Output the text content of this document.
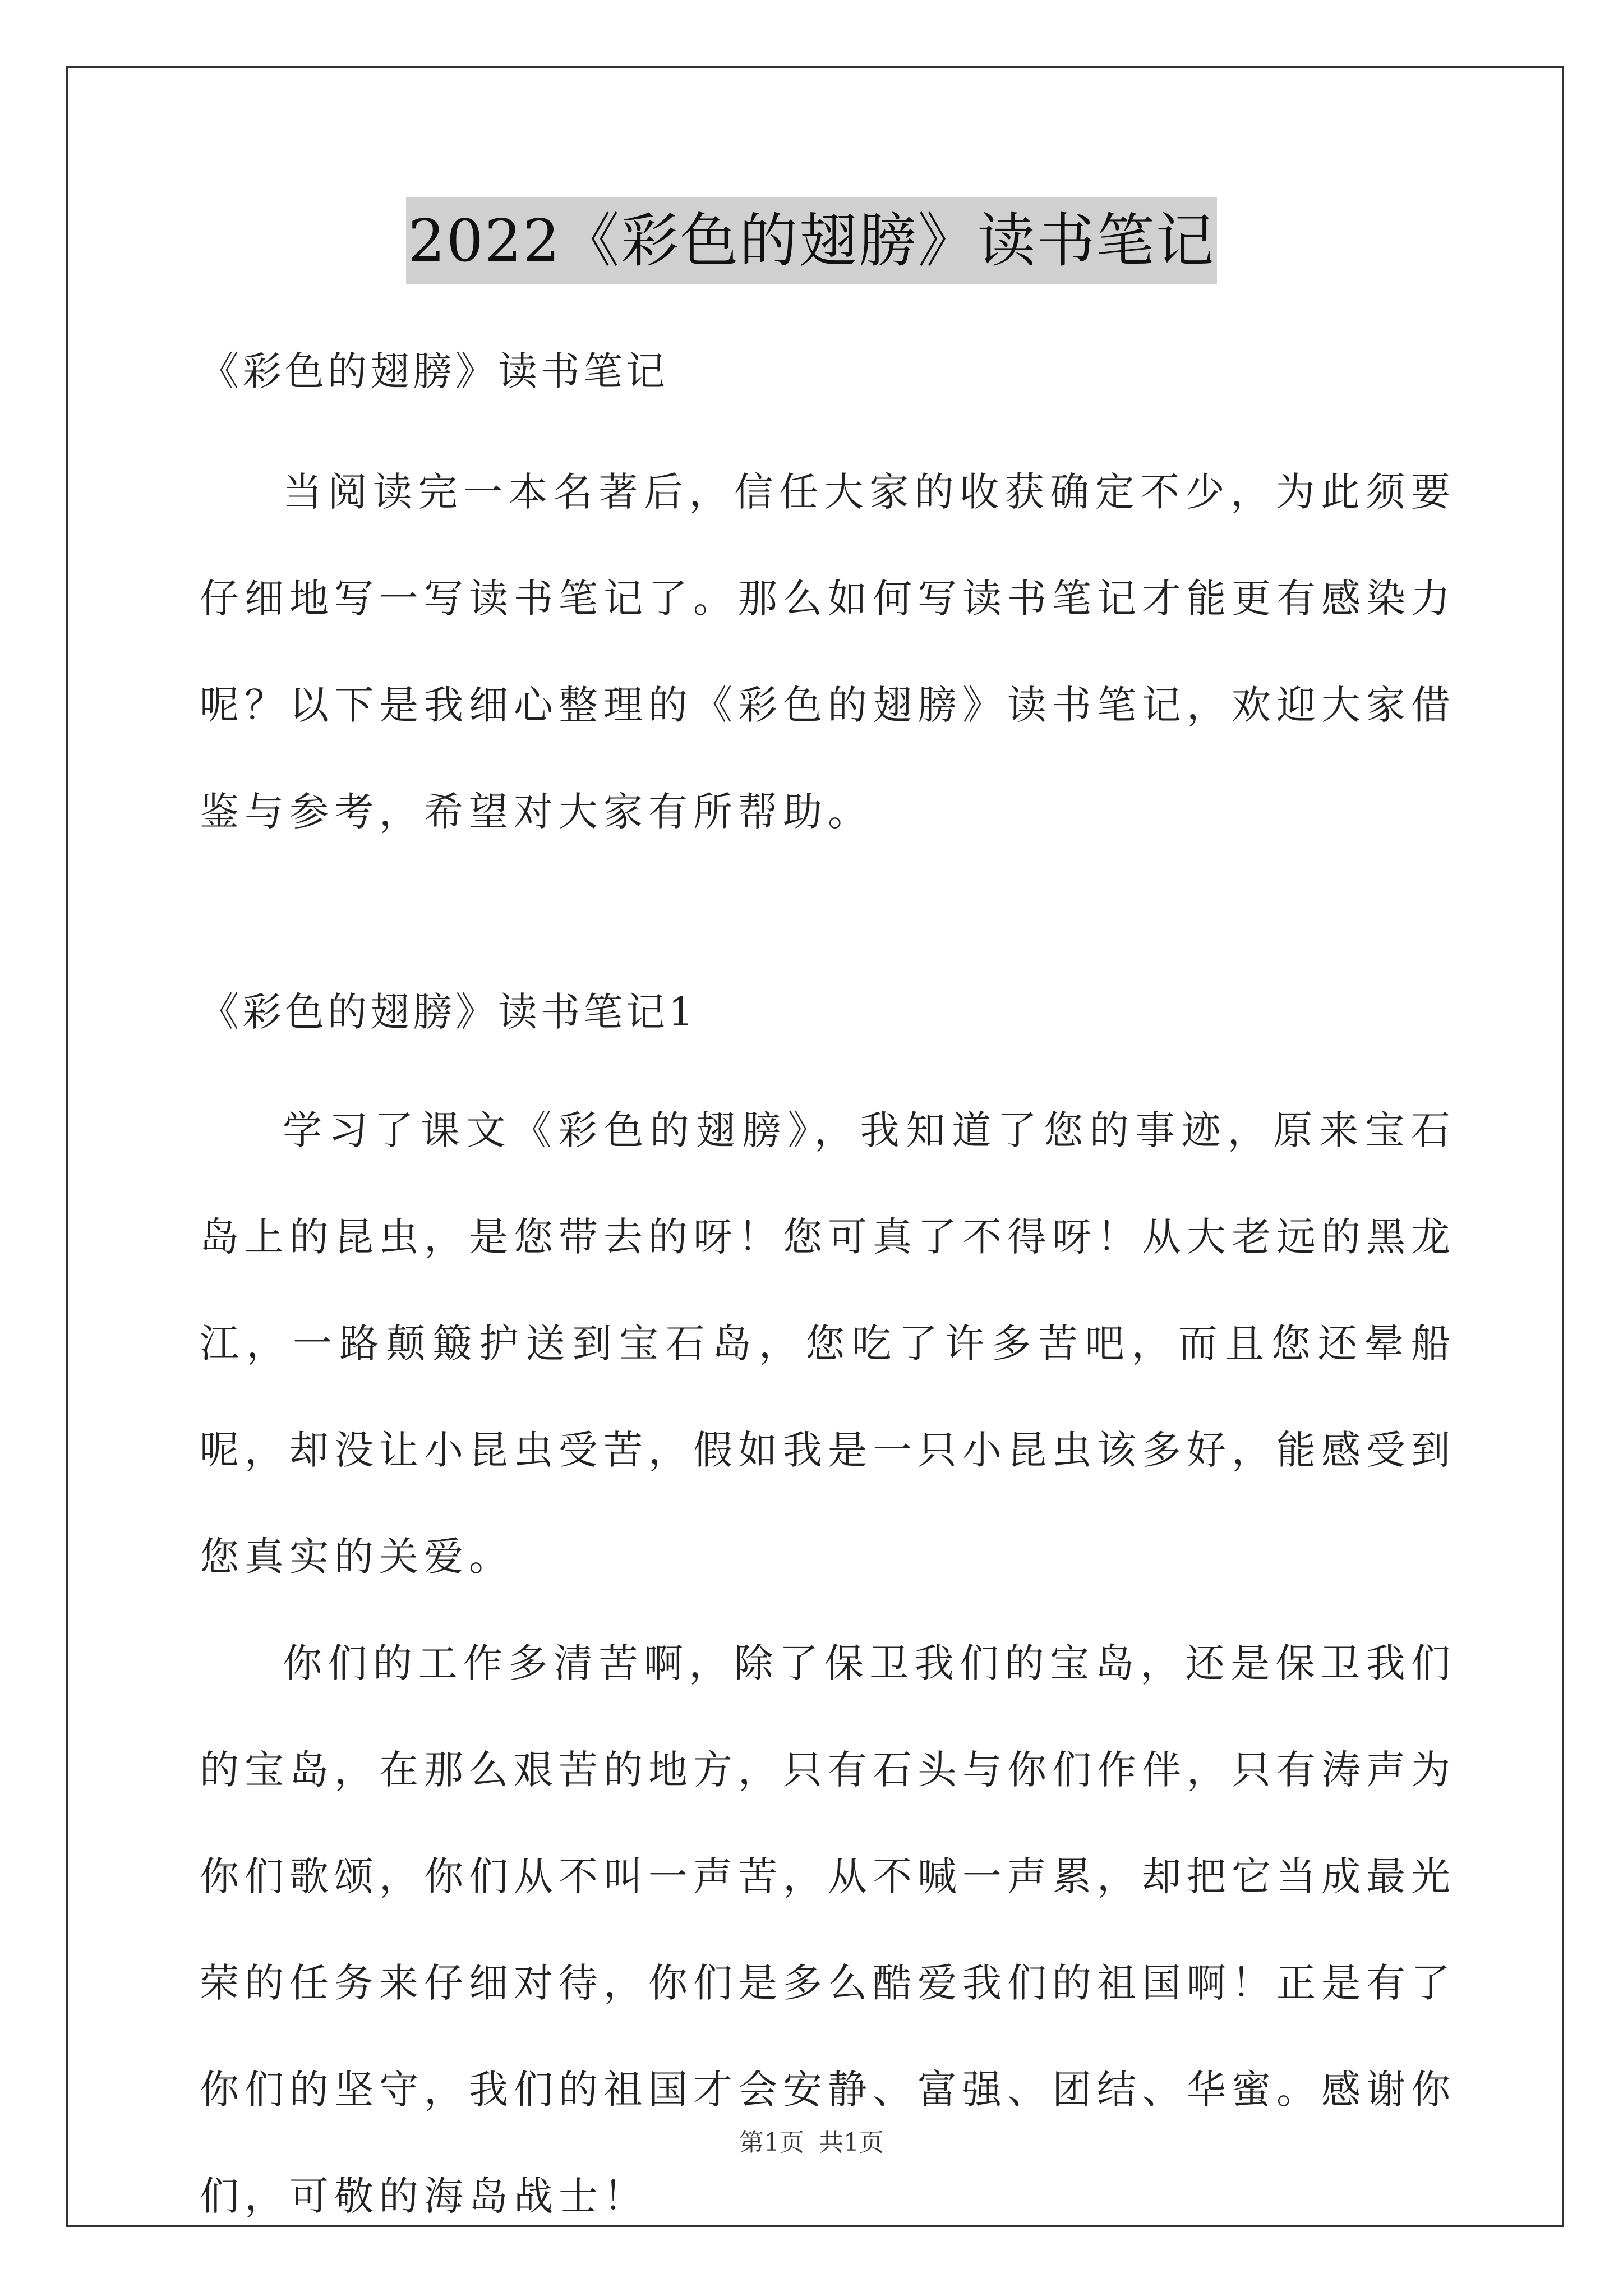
2022《彩色的翅膀》读书笔记

《彩色的翅膀》读书笔记

当阅读完一本名著后，信任大家的收获确定不少，为此须要仔细地写一写读书笔记了。那么如何写读书笔记才能更有感染力呢？以下是我细心整理的《彩色的翅膀》读书笔记，欢迎大家借鉴与参考，希望对大家有所帮助。

《彩色的翅膀》读书笔记1

学习了课文《彩色的翅膀》，我知道了您的事迹，原来宝石岛上的昆虫，是您带去的呀！您可真了不得呀！从大老远的黑龙江，一路颠簸护送到宝石岛，您吃了许多苦吧，而且您还晕船呢，却没让小昆虫受苦，假如我是一只小昆虫该多好，能感受到您真实的关爱。

你们的工作多清苦啊，除了保卫我们的宝岛，还是保卫我们的宝岛，在那么艰苦的地方，只有石头与你们作伴，只有涛声为你们歌颂，你们从不叫一声苦，从不喊一声累，却把它当成最光荣的任务来仔细对待，你们是多么酷爱我们的祖国啊！正是有了你们的坚守，我们的祖国才会安静、富强、团结、华蜜。感谢你们，可敬的海岛战士！

第1页 共1页
